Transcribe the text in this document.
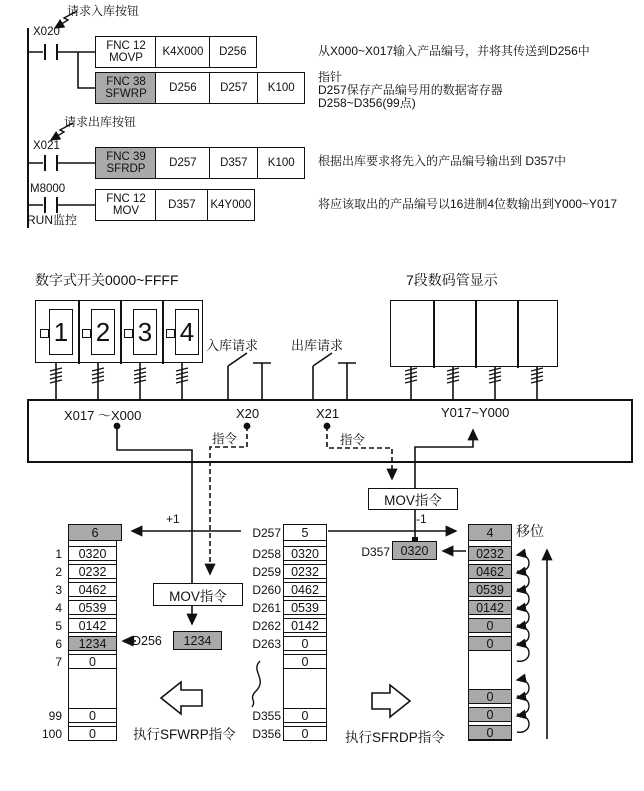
请求入库按钮
X020
请求出库按钮
X021
M8000
RUN监控
FNC 12
MOVP
K4X000	D256
FNC 38
SFWRP
D256	D257	K100
FNC 39
SFRDP
D257	D357	K100
FNC 12
MOV
D357	K4Y000
从X000~X017输入产品编号，并将其传送到D256中
指针
D257保存产品编号用的数据寄存器
D258~D356(99点)
根据出库要求将先入的产品编号输出到 D357中
将应该取出的产品编号以16进制4位数输出到Y000~Y017
数字式开关0000~FFFF
1 2 3 4 入库请求	出库请求
7段数码管显示
X017 ～X000	X20	X21	Y017~Y000
指令	指令
MOV指令
MOV指令
+1	-1
6
1	0320
2	0232
3	0462
4	0539
5	0142
6	1234
7	0
99	0
100	0
D256	1234
D257	5
D258 0320
D259 0232
D260 0462
D261 0539
D262 0142
D263	0
0
D355	0
D356	0
D357 0320
4
0232
0462
0539
0142
0
0
0
0
0
移位
执行SFWRP指令	执行SFRDP指令
